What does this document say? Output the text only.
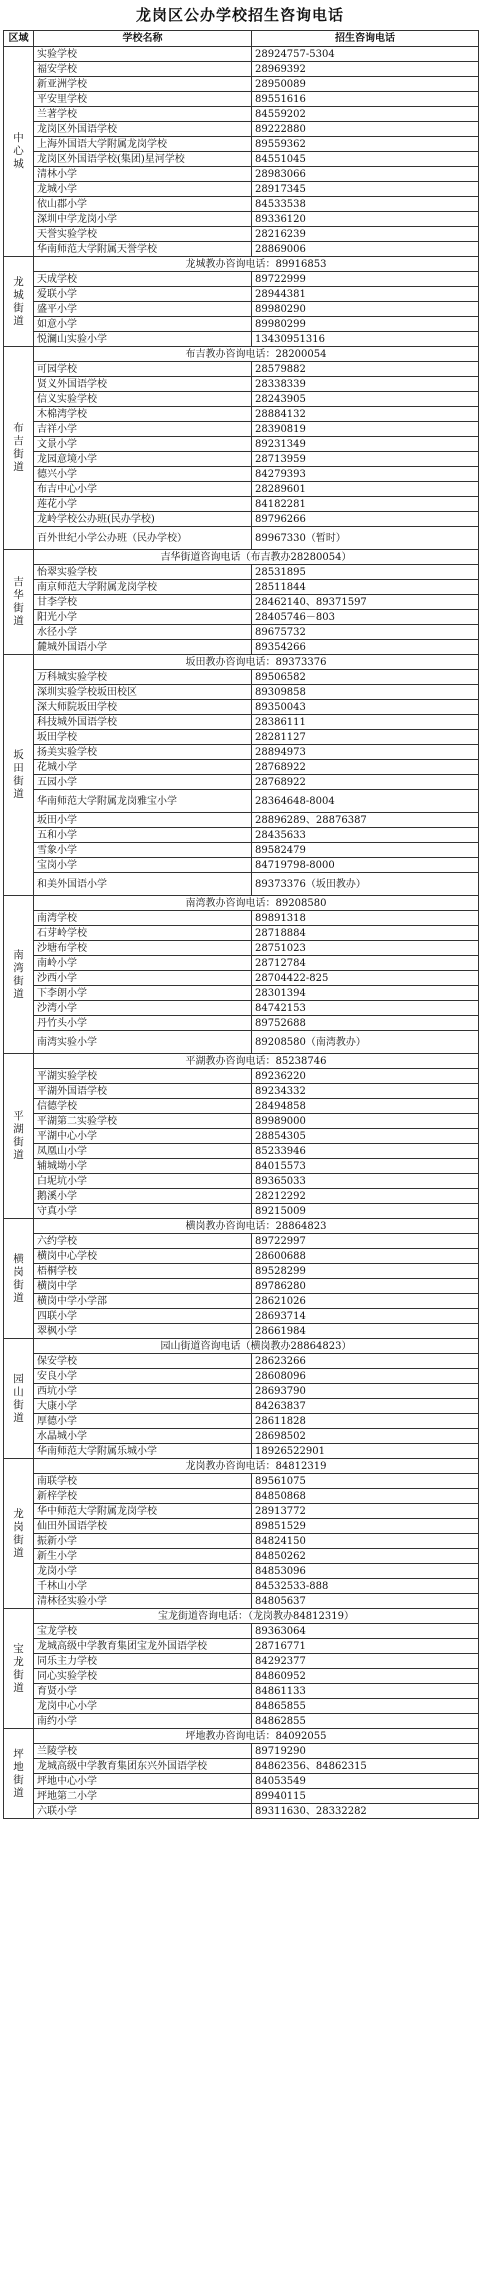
龙岗区公办学校招生咨询电话
区域	学校名称	招生咨询电话
中心城	实验学校	28924757-5304
	福安学校	28969392
	新亚洲学校	28950089
	平安里学校	89551616
	兰著学校	84559202
	龙岗区外国语学校	89222880
	上海外国语大学附属龙岗学校	89559362
	龙岗区外国语学校(集团)星河学校	84551045
	清林小学	28983066
	龙城小学	28917345
	依山郡小学	84533538
	深圳中学龙岗小学	89336120
	天誉实验学校	28216239
	华南师范大学附属天誉学校	28869006
龙城街道	龙城教办咨询电话：89916853	
	天成学校	89722999
	爱联小学	28944381
	盛平小学	89980290
	如意小学	89980299
	悦澜山实验小学	13430951316
布吉街道	布吉教办咨询电话：28200054	
	可园学校	28579882
	贤义外国语学校	28338339
	信义实验学校	28243905
	木棉湾学校	28884132
	吉祥小学	28390819
	文景小学	89231349
	龙园意境小学	28713959
	德兴小学	84279393
	布吉中心小学	28289601
	莲花小学	84182281
	龙岭学校公办班(民办学校)	89796266
	百外世纪小学公办班（民办学校）	89967330（暂时）
吉华街道	吉华街道咨询电话（布吉教办28280054）	
	怡翠实验学校	28531895
	南京师范大学附属龙岗学校	28511844
	甘李学校	28462140、89371597
	阳光小学	28405746－803
	水径小学	89675732
	麓城外国语小学	89354266
坂田街道	坂田教办咨询电话：89373376	
	万科城实验学校	89506582
	深圳实验学校坂田校区	89309858
	深大师院坂田学校	89350043
	科技城外国语学校	28386111
	坂田学校	28281127
	扬美实验学校	28894973
	花城小学	28768922
	五园小学	28768922
	华南师范大学附属龙岗雅宝小学	28364648-8004
	坂田小学	28896289、28876387
	五和小学	28435633
	雪象小学	89582479
	宝岗小学	84719798-8000
	和美外国语小学	89373376（坂田教办）
南湾街道	南湾教办咨询电话：89208580	
	南湾学校	89891318
	石芽岭学校	28718884
	沙塘布学校	28751023
	南岭小学	28712784
	沙西小学	28704422-825
	下李朗小学	28301394
	沙湾小学	84742153
	丹竹头小学	89752688
	南湾实验小学	89208580（南湾教办）
平湖街道	平湖教办咨询电话：85238746	
	平湖实验学校	89236220
	平湖外国语学校	89234332
	信德学校	28494858
	平湖第二实验学校	89989000
	平湖中心小学	28854305
	凤凰山小学	85233946
	辅城坳小学	84015573
	白坭坑小学	89365033
	鹅溪小学	28212292
	守真小学	89215009
横岗街道	横岗教办咨询电话：28864823	
	六约学校	89722997
	横岗中心学校	28600688
	梧桐学校	89528299
	横岗中学	89786280
	横岗中学小学部	28621026
	四联小学	28693714
	翠枫小学	28661984
园山街道	园山街道咨询电话（横岗教办28864823）	
	保安学校	28623266
	安良小学	28608096
	西坑小学	28693790
	大康小学	84263837
	厚德小学	28611828
	水晶城小学	28698502
	华南师范大学附属乐城小学	18926522901
龙岗街道	龙岗教办咨询电话：84812319	
	南联学校	89561075
	新梓学校	84850868
	华中师范大学附属龙岗学校	28913772
	仙田外国语学校	89851529
	振新小学	84824150
	新生小学	84850262
	龙岗小学	84853096
	千林山小学	84532533-888
	清林径实验小学	84805637
宝龙街道	宝龙街道咨询电话：（龙岗教办84812319）	
	宝龙学校	89363064
	龙城高级中学教育集团宝龙外国语学校	28716771
	同乐主力学校	84292377
	同心实验学校	84860952
	育贤小学	84861133
	龙岗中心小学	84865855
	南约小学	84862855
坪地街道	坪地教办咨询电话：84092055	
	兰陵学校	89719290
	龙城高级中学教育集团东兴外国语学校	84862356、84862315
	坪地中心小学	84053549
	坪地第二小学	89940115
	六联小学	89311630、28332282
